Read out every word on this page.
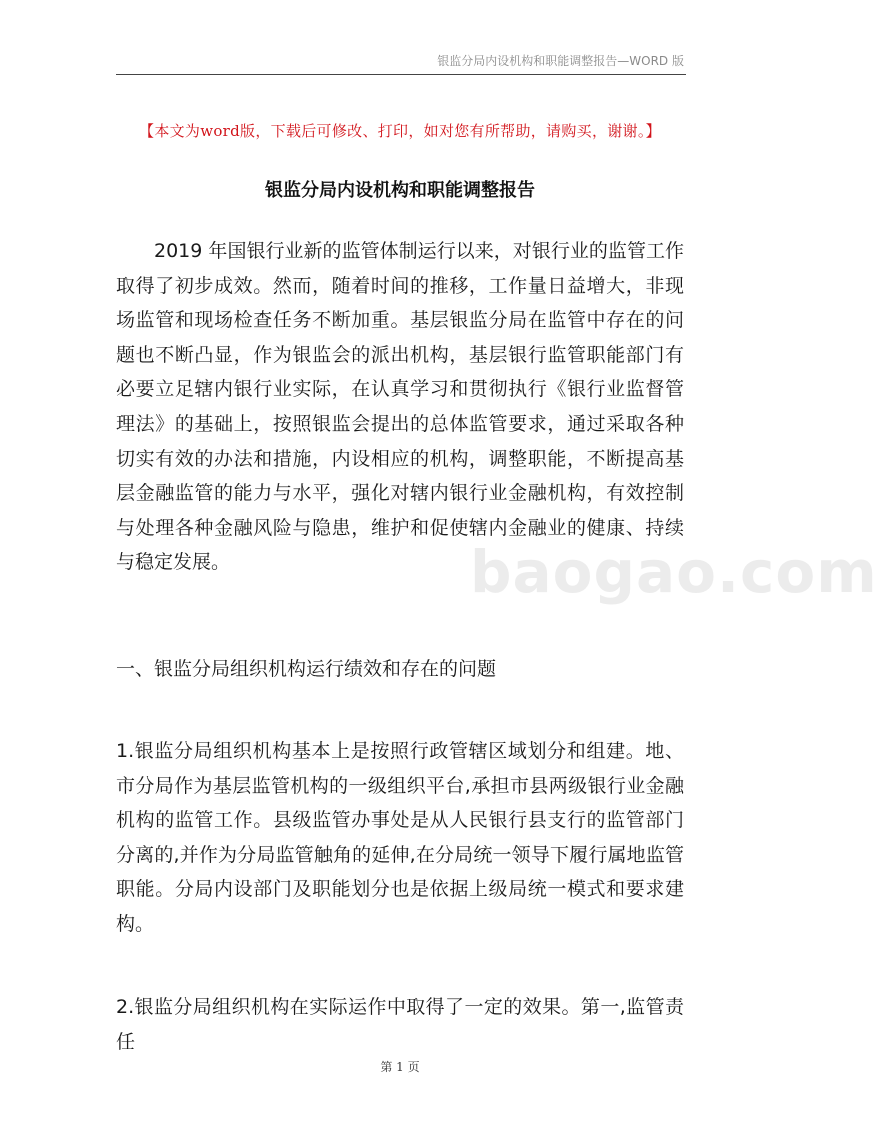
银监分局内设机构和职能调整报告—WORD 版
【本文为word版，下载后可修改、打印，如对您有所帮助，请购买，谢谢。】
银监分局内设机构和职能调整报告
2019 年国银行业新的监管体制运行以来，对银行业的监管工作取得了初步成效。然而，随着时间的推移，工作量日益增大，非现场监管和现场检查任务不断加重。基层银监分局在监管中存在的问题也不断凸显，作为银监会的派出机构，基层银行监管职能部门有必要立足辖内银行业实际，在认真学习和贯彻执行《银行业监督管理法》的基础上，按照银监会提出的总体监管要求，通过采取各种切实有效的办法和措施，内设相应的机构，调整职能，不断提高基层金融监管的能力与水平，强化对辖内银行业金融机构，有效控制与处理各种金融风险与隐患，维护和促使辖内金融业的健康、持续与稳定发展。	baogao.com
一、银监分局组织机构运行绩效和存在的问题
1.银监分局组织机构基本上是按照行政管辖区域划分和组建。地、市分局作为基层监管机构的一级组织平台,承担市县两级银行业金融机构的监管工作。县级监管办事处是从人民银行县支行的监管部门分离的,并作为分局监管触角的延伸,在分局统一领导下履行属地监管职能。分局内设部门及职能划分也是依据上级局统一模式和要求建构。
2.银监分局组织机构在实际运作中取得了一定的效果。第一,监管责任
第 1 页
